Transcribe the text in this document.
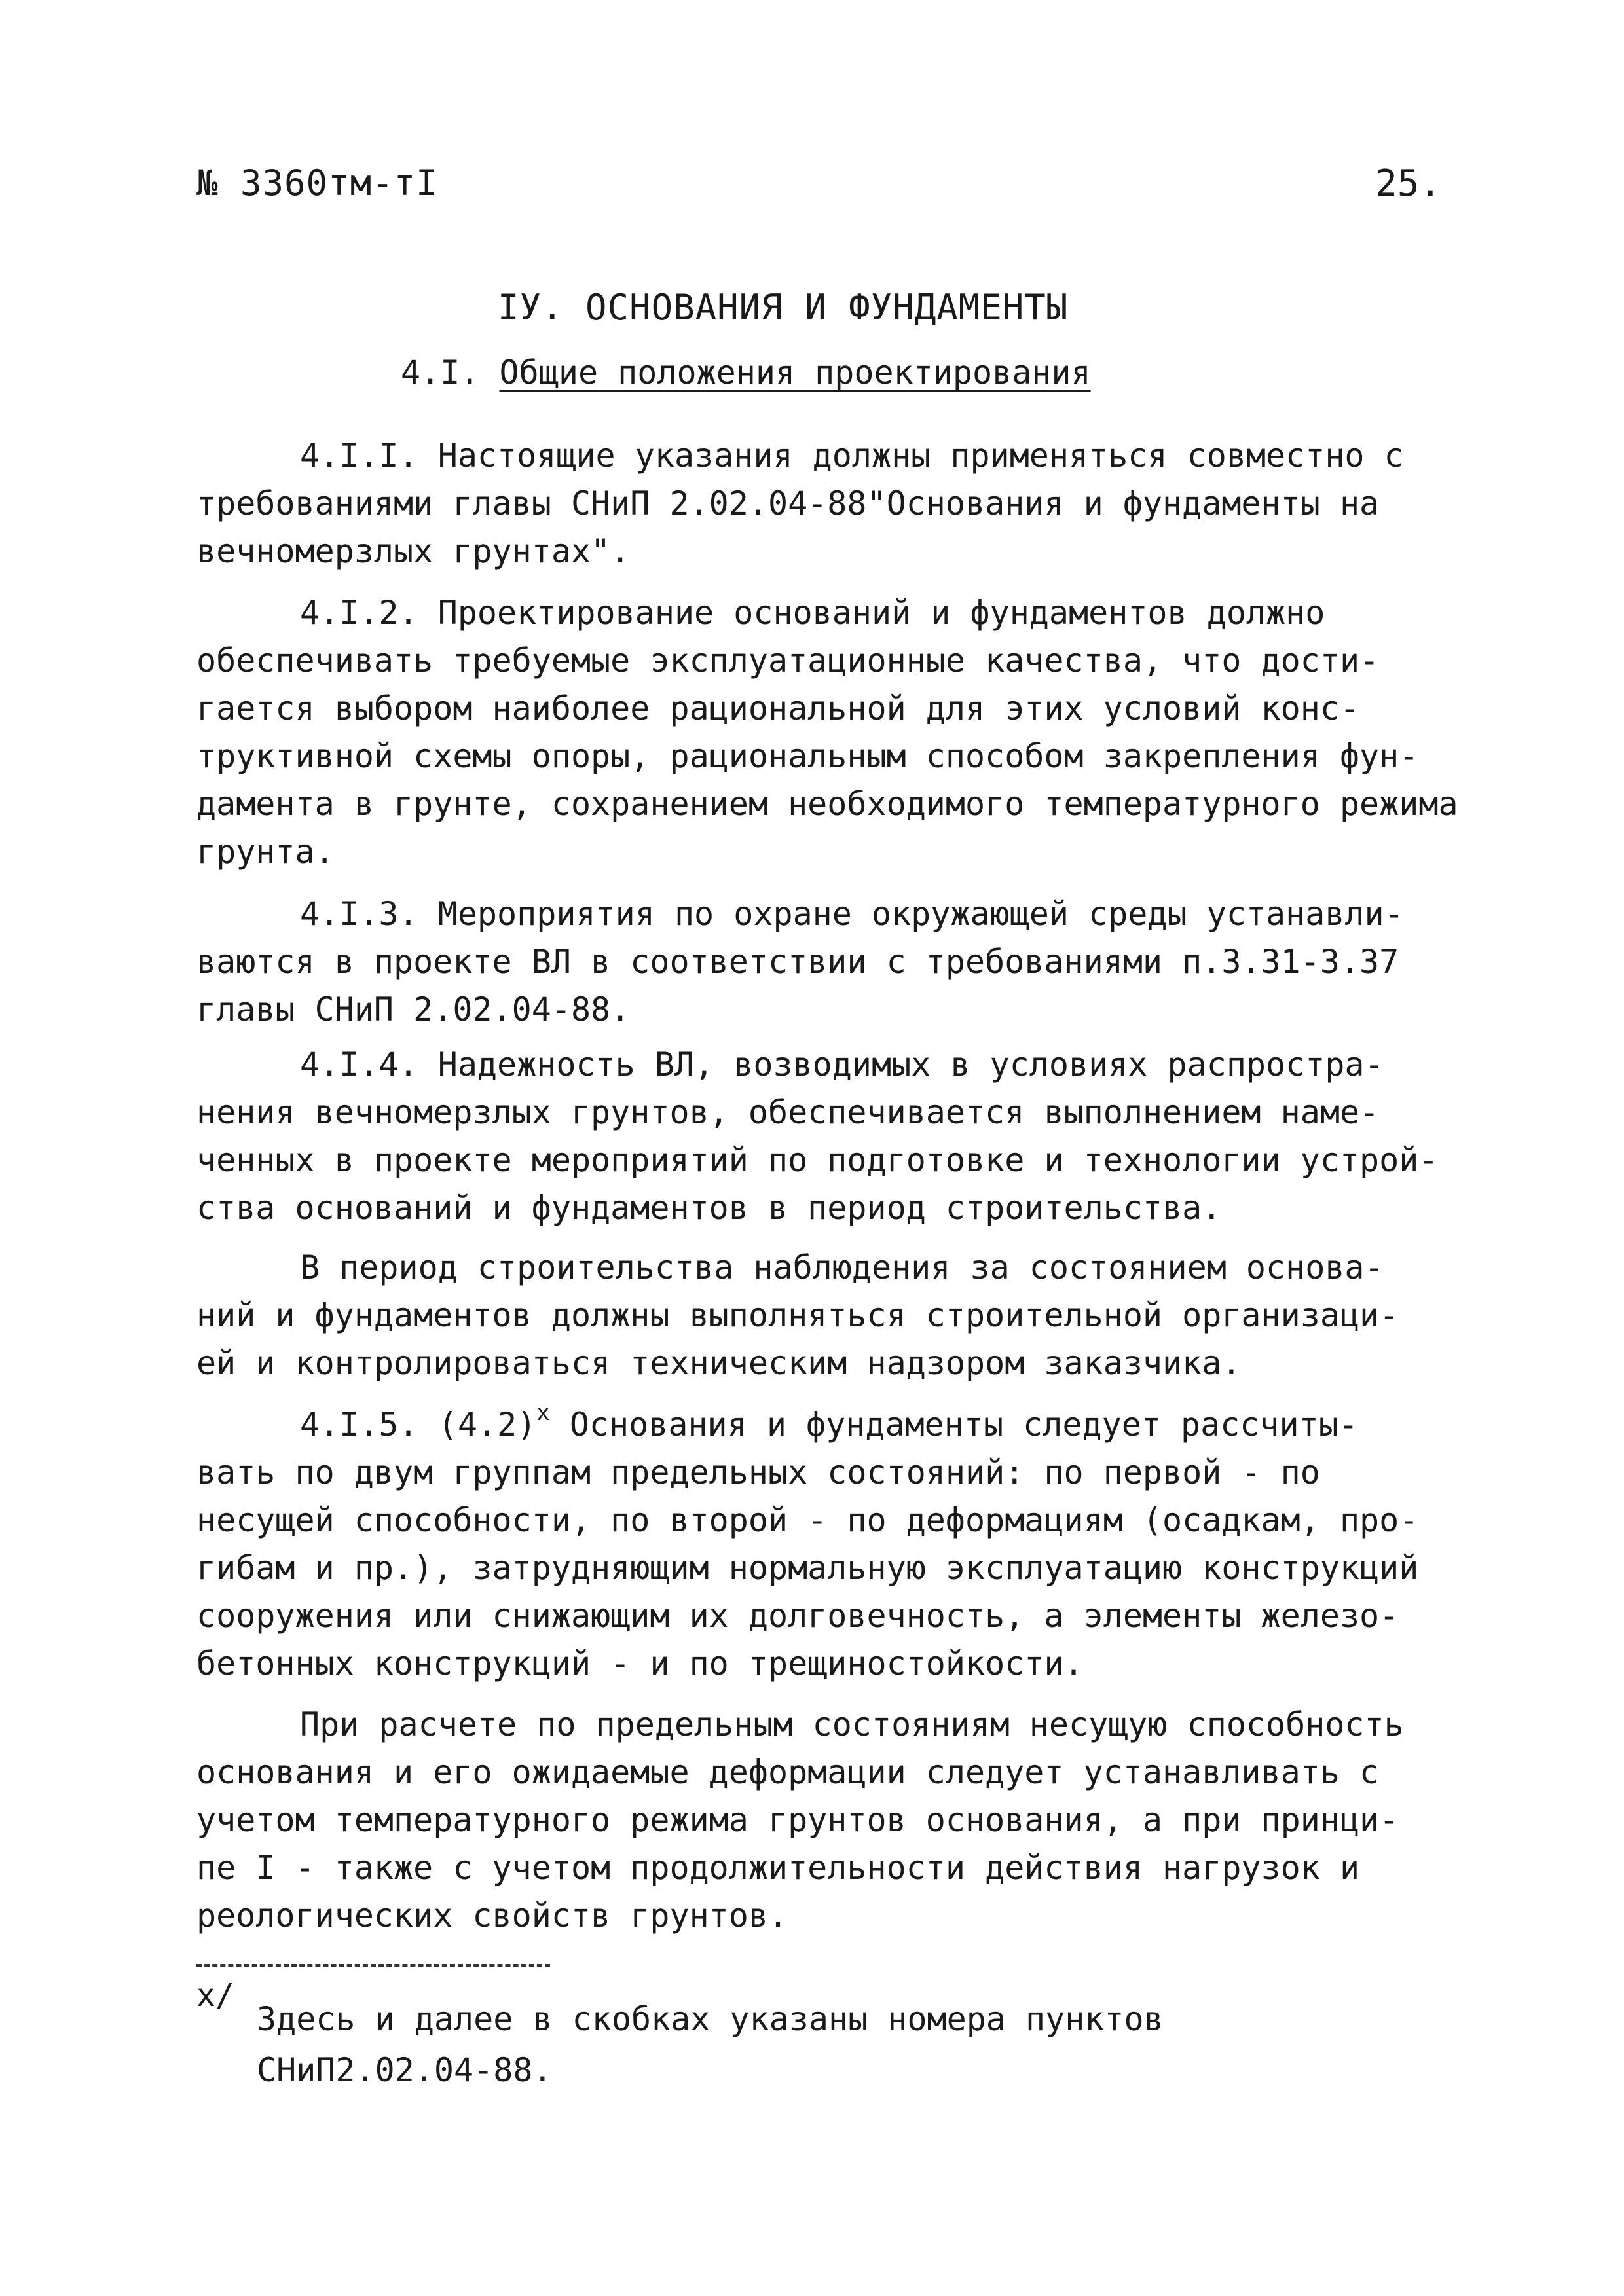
№ 3360тм-тI	25.
IУ. ОСНОВАНИЯ И ФУНДАМЕНТЫ
4.I. Общие положения проектирования
4.I.I. Настоящие указания должны применяться совместно с
требованиями главы СНиП 2.02.04-88"Основания и фундаменты на
вечномерзлых грунтах".
4.I.2. Проектирование оснований и фундаментов должно
обеспечивать требуемые эксплуатационные качества, что дости-
гается выбором наиболее рациональной для этих условий конс-
труктивной схемы опоры, рациональным способом закрепления фун-
дамента в грунте, сохранением необходимого температурного режима
грунта.
4.I.3. Мероприятия по охране окружающей среды устанавли-
ваются в проекте ВЛ в соответствии с требованиями п.3.31-3.37
главы СНиП 2.02.04-88.
4.I.4. Надежность ВЛ, возводимых в условиях распростра-
нения вечномерзлых грунтов, обеспечивается выполнением наме-
ченных в проекте мероприятий по подготовке и технологии устрой-
ства оснований и фундаментов в период строительства.
В период строительства наблюдения за состоянием основа-
ний и фундаментов должны выполняться строительной организаци-
ей и контролироваться техническим надзором заказчика.
4.I.5. $(4.2)^x$ Основания и фундаменты следует рассчиты-
вать по двум группам предельных состояний: по первой - по
несущей способности, по второй - по деформациям (осадкам, про-
гибам и пр.), затрудняющим нормальную эксплуатацию конструкций
сооружения или снижающим их долговечность, а элементы железо-
бетонных конструкций - и по трещиностойкости.
При расчете по предельным состояниям несущую способность
основания и его ожидаемые деформации следует устанавливать с
учетом температурного режима грунтов основания, а при принци-
пе I - также с учетом продолжительности действия нагрузок и
реологических свойств грунтов.
x/
Здесь и далее в скобках указаны номера пунктов
СНиП2.02.04-88.
